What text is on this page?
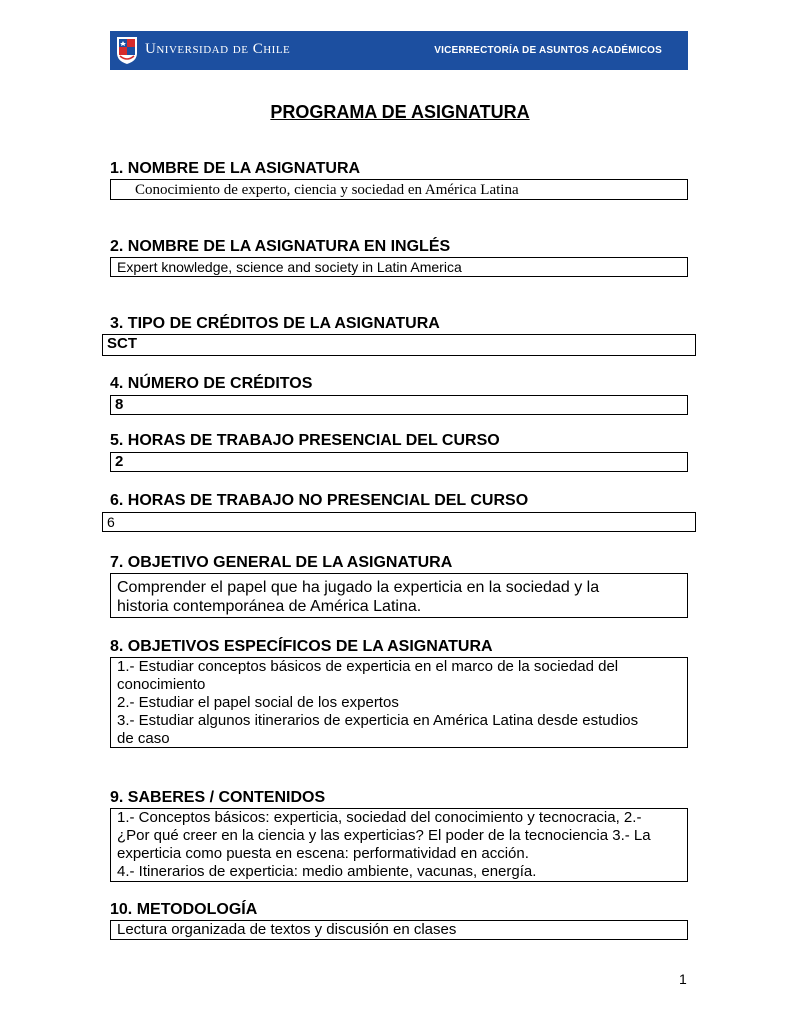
Universidad de Chile	VICERRECTORÍA DE ASUNTOS ACADÉMICOS
PROGRAMA DE ASIGNATURA
1. NOMBRE DE LA ASIGNATURA
Conocimiento de experto, ciencia y sociedad en América Latina
2. NOMBRE DE LA ASIGNATURA EN INGLÉS
Expert knowledge, science and society in Latin America
3. TIPO DE CRÉDITOS DE LA ASIGNATURA
SCT
4. NÚMERO DE CRÉDITOS
8
5. HORAS DE TRABAJO PRESENCIAL DEL CURSO
2
6. HORAS DE TRABAJO NO PRESENCIAL DEL CURSO
6
7. OBJETIVO GENERAL DE LA ASIGNATURA
Comprender el papel que ha jugado la experticia en la sociedad y la
historia contemporánea de América Latina.
8. OBJETIVOS ESPECÍFICOS DE LA ASIGNATURA
1.- Estudiar conceptos básicos de experticia en el marco de la sociedad del
conocimiento
2.- Estudiar el papel social de los expertos
3.- Estudiar algunos itinerarios de experticia en América Latina desde estudios
de caso
9. SABERES / CONTENIDOS
1.- Conceptos básicos: experticia, sociedad del conocimiento y tecnocracia, 2.-
¿Por qué creer en la ciencia y las experticias? El poder de la tecnociencia 3.- La
experticia como puesta en escena: performatividad en acción.
4.- Itinerarios de experticia: medio ambiente, vacunas, energía.
10. METODOLOGÍA
Lectura organizada de textos y discusión en clases
1
